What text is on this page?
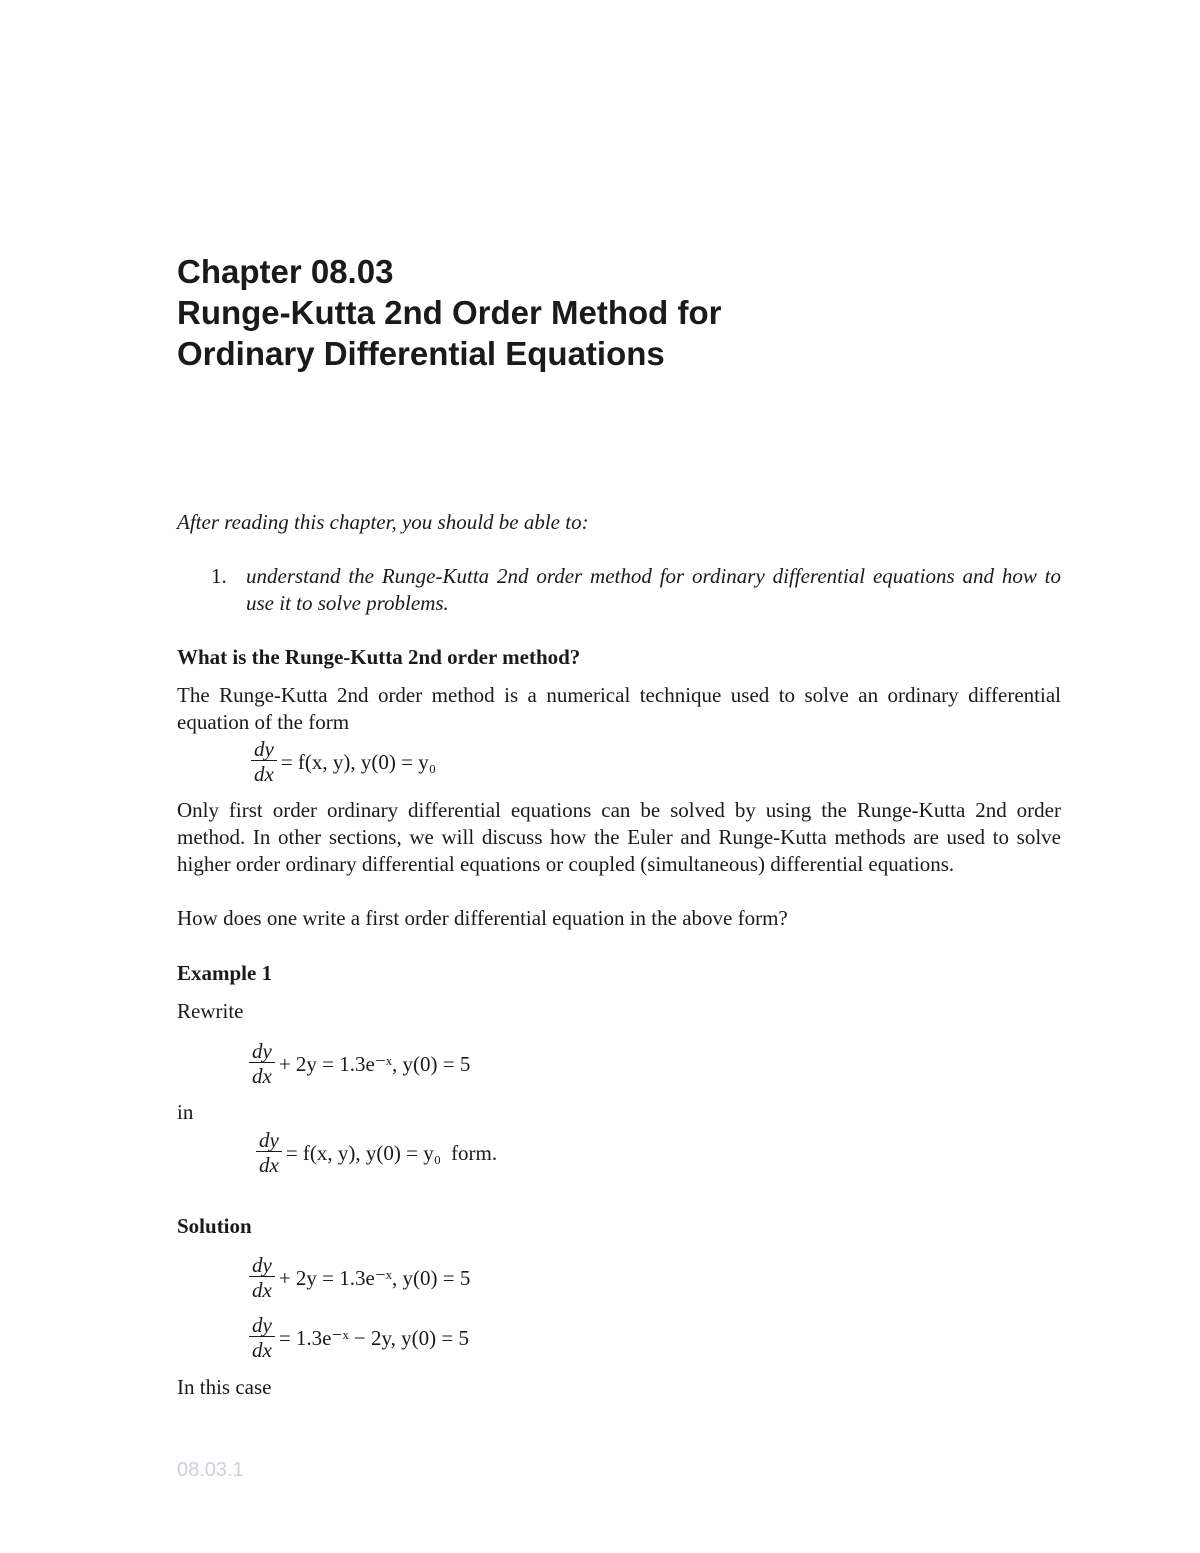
Chapter 08.03
Runge-Kutta 2nd Order Method for
Ordinary Differential Equations
After reading this chapter, you should be able to:
1. understand the Runge-Kutta 2nd order method for ordinary differential equations and how to use it to solve problems.
What is the Runge-Kutta 2nd order method?
The Runge-Kutta 2nd order method is a numerical technique used to solve an ordinary differential equation of the form
$\frac{dy}{dx} = f(x$, y), y(0) = y₀
Only first order ordinary differential equations can be solved by using the Runge-Kutta 2nd order method. In other sections, we will discuss how the Euler and Runge-Kutta methods are used to solve higher order ordinary differential equations or coupled (simultaneous) differential equations.
How does one write a first order differential equation in the above form?
Example 1
Rewrite
$\frac{dy}{dx} + 2y$ = 1.3e⁻ˣ, y(0) = 5
in
$\frac{dy}{dx} = f(x$, y), y(0) = y₀ form.
Solution
$\frac{dy}{dx} + 2y$ = 1.3e⁻ˣ, y(0) = 5
$\frac{dy}{dx}$ = 1.3e⁻ˣ − 2y, y(0) = 5
In this case
08.03.1
